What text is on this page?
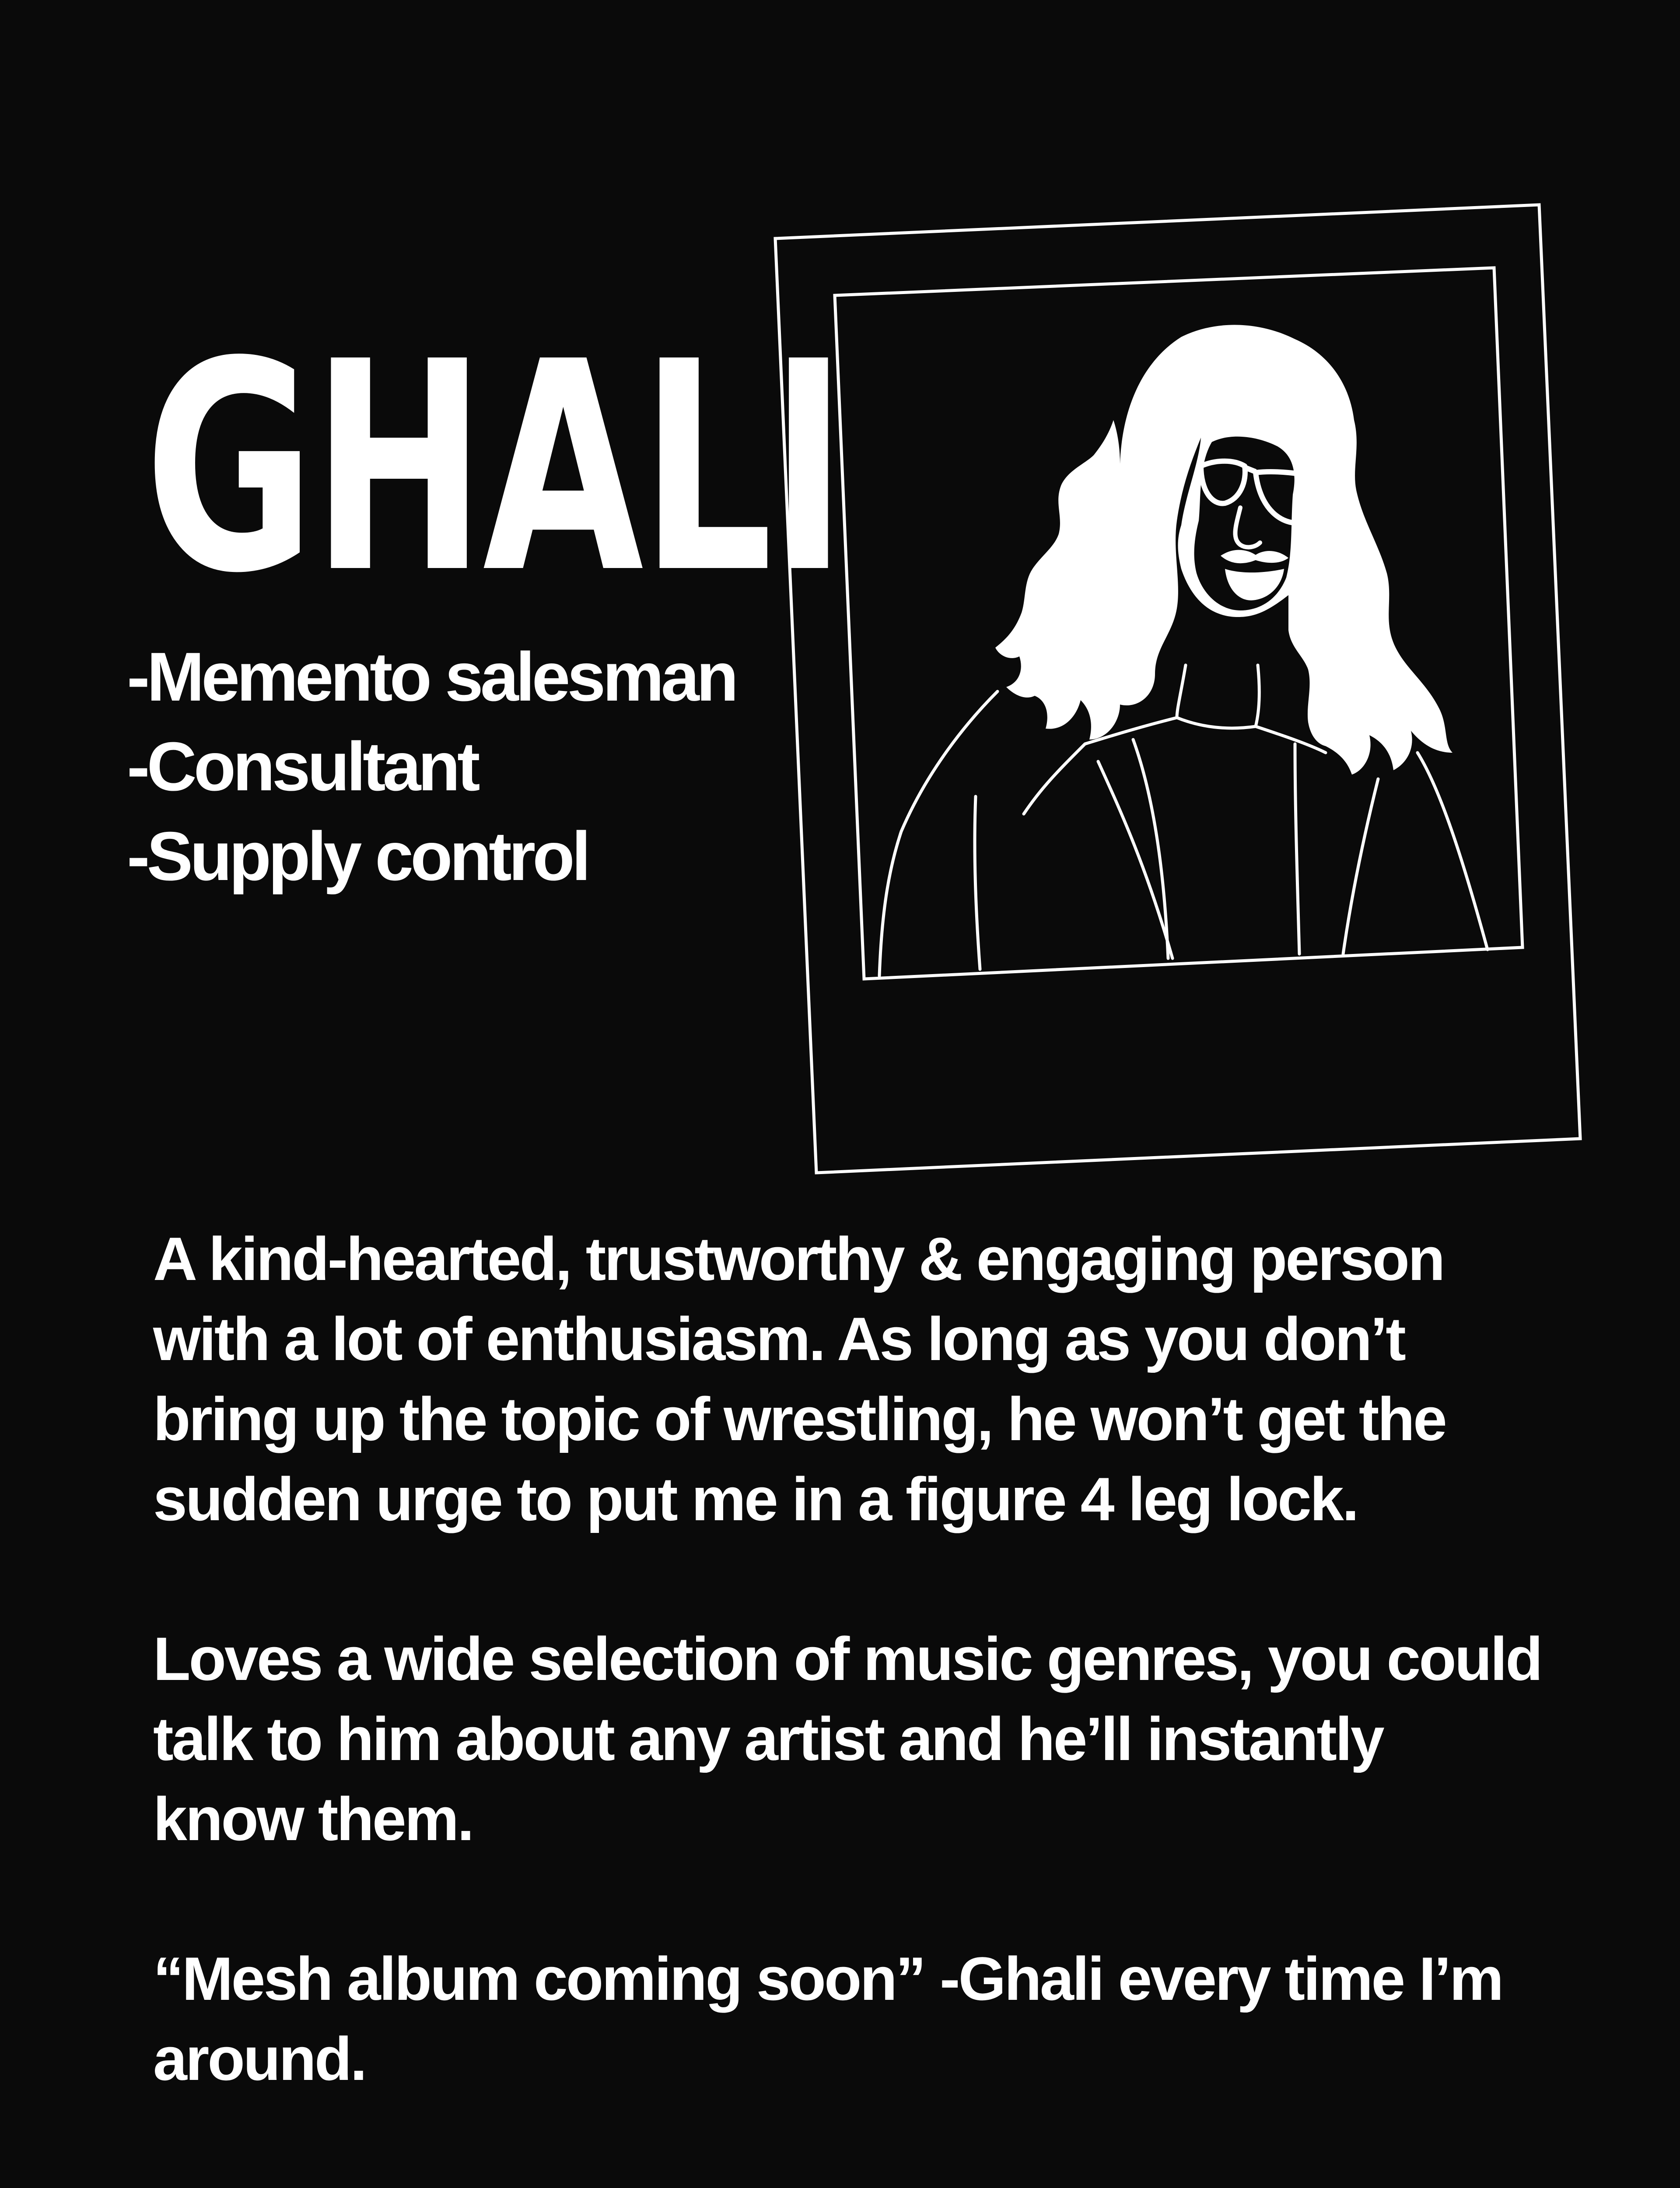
GHALI
-Memento salesman
-Consultant
-Supply control

A kind-hearted, trustworthy & engaging person with a lot of enthusiasm. As long as you don’t bring up the topic of wrestling, he won’t get the sudden urge to put me in a figure 4 leg lock.

Loves a wide selection of music genres, you could talk to him about any artist and he’ll instantly know them.

“Mesh album coming soon” -Ghali every time I’m around.
